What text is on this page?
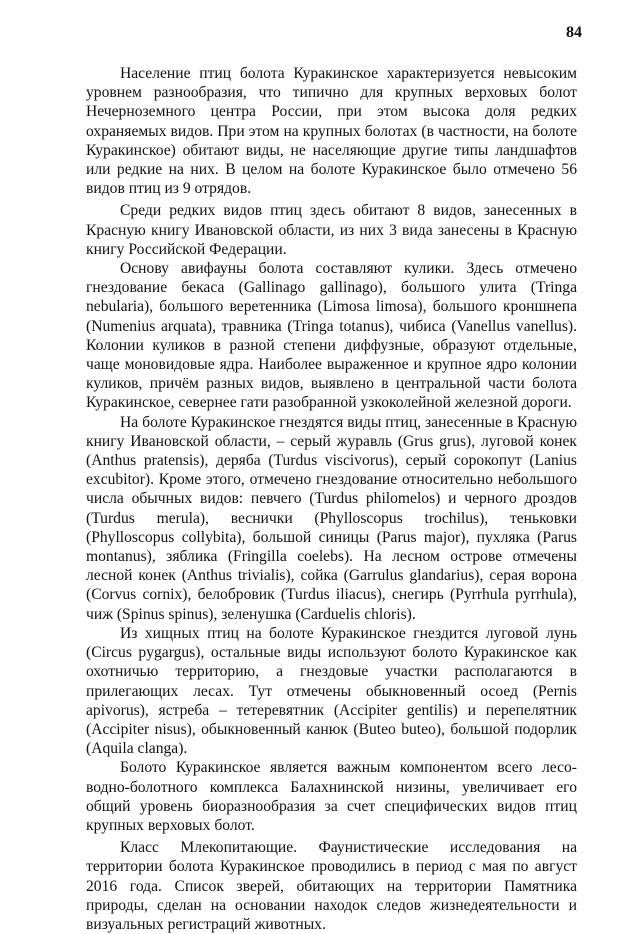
84

Население птиц болота Куракинское характеризуется невысоким уровнем разнообразия, что типично для крупных верховых болот Нечерноземного центра России, при этом высока доля редких охраняемых видов. При этом на крупных болотах (в частности, на болоте Куракинское) обитают виды, не населяющие другие типы ландшафтов или редкие на них. В целом на болоте Куракинское было отмечено 56 видов птиц из 9 отрядов.

Среди редких видов птиц здесь обитают 8 видов, занесенных в Красную книгу Ивановской области, из них 3 вида занесены в Красную книгу Российской Федерации.

Основу авифауны болота составляют кулики. Здесь отмечено гнездование бекаса (Gallinago gallinago), большого улита (Tringa nebularia), большого веретенника (Limosa limosa), большого кроншнепа (Numenius arquata), травника (Tringa totanus), чибиса (Vanellus vanellus). Колонии куликов в разной степени диффузные, образуют отдельные, чаще моновидовые ядра. Наиболее выраженное и крупное ядро колонии куликов, причём разных видов, выявлено в центральной части болота Куракинское, севернее гати разобранной узкоколейной железной дороги.

На болоте Куракинское гнездятся виды птиц, занесенные в Красную книгу Ивановской области, – серый журавль (Grus grus), луговой конек (Anthus pratensis), деряба (Turdus viscivorus), серый сорокопут (Lanius excubitor). Кроме этого, отмечено гнездование относительно небольшого числа обычных видов: певчего (Turdus philomelos) и черного дроздов (Turdus merula), веснички (Phylloscopus trochilus), теньковки (Phylloscopus collybita), большой синицы (Parus major), пухляка (Parus montanus), зяблика (Fringilla coelebs). На лесном острове отмечены лесной конек (Anthus trivialis), сойка (Garrulus glandarius), серая ворона (Corvus cornix), белобровик (Turdus iliacus), снегирь (Pyrrhula pyrrhula), чиж (Spinus spinus), зеленушка (Carduelis chloris).

Из хищных птиц на болоте Куракинское гнездится луговой лунь (Circus pygargus), остальные виды используют болото Куракинское как охотничью территорию, а гнездовые участки располагаются в прилегающих лесах. Тут отмечены обыкновенный осоед (Pernis apivorus), ястреба – тетеревятник (Accipiter gentilis) и перепелятник (Accipiter nisus), обыкновенный канюк (Buteo buteo), большой подорлик (Aquila clanga).

Болото Куракинское является важным компонентом всего лесо-водно-болотного комплекса Балахнинской низины, увеличивает его общий уровень биоразнообразия за счет специфических видов птиц крупных верховых болот.

Класс Млекопитающие. Фаунистические исследования на территории болота Куракинское проводились в период с мая по август 2016 года. Список зверей, обитающих на территории Памятника природы, сделан на основании находок следов жизнедеятельности и визуальных регистраций животных.
